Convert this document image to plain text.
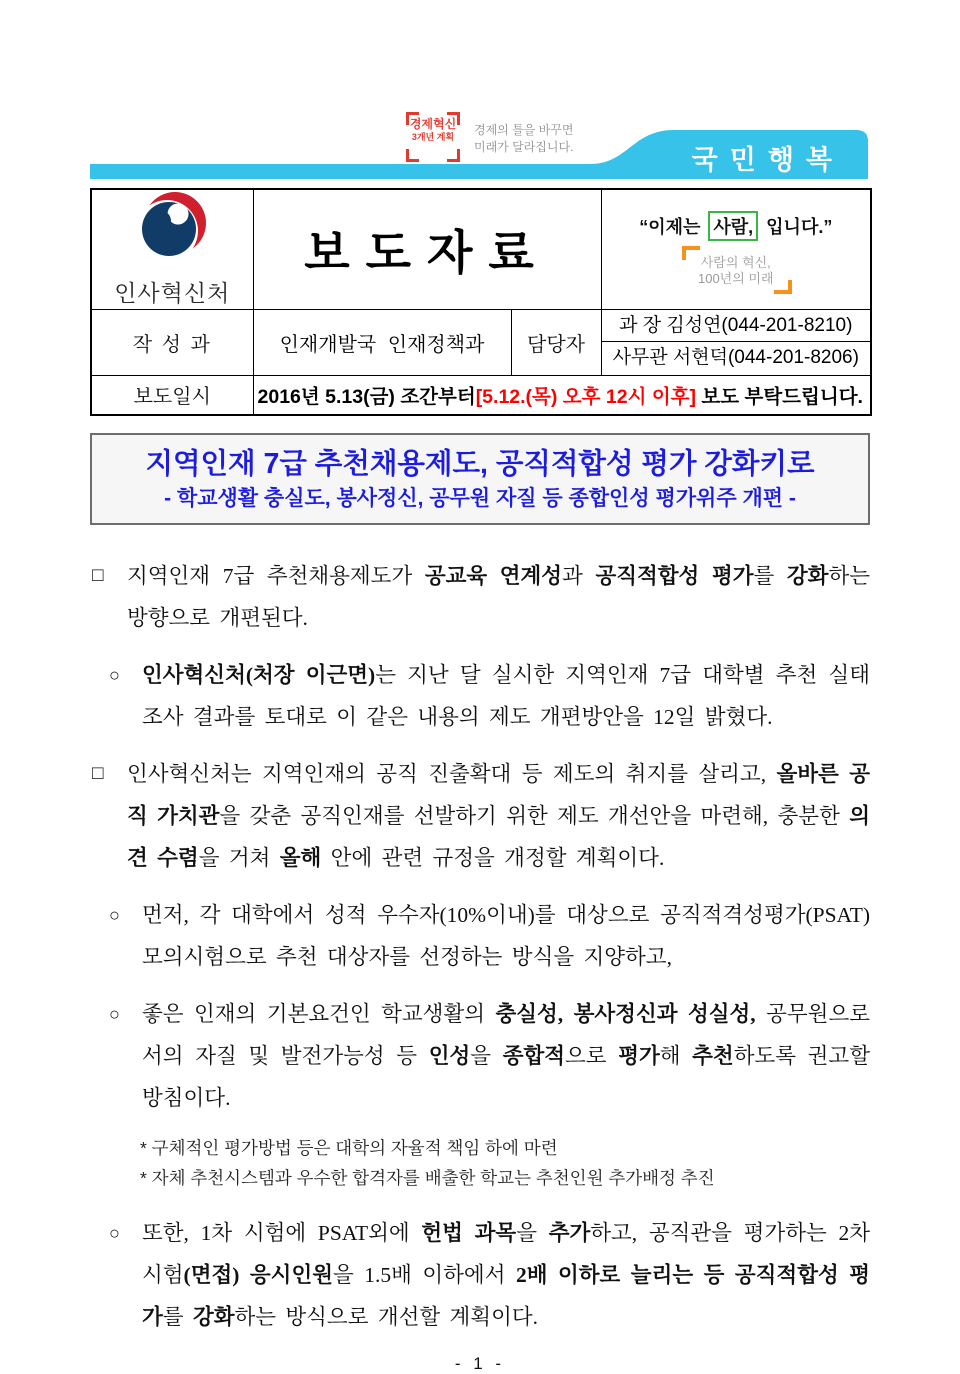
경제혁신
3개년 계획	경제의 틀을 바꾸면
미래가 달라집니다.	국민행복
인사혁신처	보도자료		“이제는 사람, 입니다.”
사람의 혁신,
100년의 미래

작 성 과	인재개발국 인재정책과	담당자	과 장 김성연(044-201-8210)
사무관 서현덕(044-201-8206)

보도일시	2016년 5.13(금) 조간부터[5.12.(목) 오후 12시 이후] 보도 부탁드립니다.		
지역인재 7급 추천채용제도, 공직적합성 평가 강화키로
- 학교생활 충실도, 봉사정신, 공무원 자질 등 종합인성 평가위주 개편 -
□ 지역인재 7급 추천채용제도가 공교육 연계성과 공직적합성 평가를 강화하는 방향으로 개편된다.
○ 인사혁신처(처장 이근면)는 지난 달 실시한 지역인재 7급 대학별 추천 실태조사 결과를 토대로 이 같은 내용의 제도 개편방안을 12일 밝혔다.
□ 인사혁신처는 지역인재의 공직 진출확대 등 제도의 취지를 살리고, 올바른 공직 가치관을 갖춘 공직인재를 선발하기 위한 제도 개선안을 마련해, 충분한 의견 수렴을 거쳐 올해 안에 관련 규정을 개정할 계획이다.
○ 먼저, 각 대학에서 성적 우수자(10%이내)를 대상으로 공직적격성평가(PSAT) 모의시험으로 추천 대상자를 선정하는 방식을 지양하고,
○ 좋은 인재의 기본요건인 학교생활의 충실성, 봉사정신과 성실성, 공무원으로서의 자질 및 발전가능성 등 인성을 종합적으로 평가해 추천하도록 권고할 방침이다.
* 구체적인 평가방법 등은 대학의 자율적 책임 하에 마련
* 자체 추천시스템과 우수한 합격자를 배출한 학교는 추천인원 추가배정 추진
○ 또한, 1차 시험에 PSAT외에 헌법 과목을 추가하고, 공직관을 평가하는 2차 시험(면접) 응시인원을 1.5배 이하에서 2배 이하로 늘리는 등 공직적합성 평가를 강화하는 방식으로 개선할 계획이다.
- 1 -
